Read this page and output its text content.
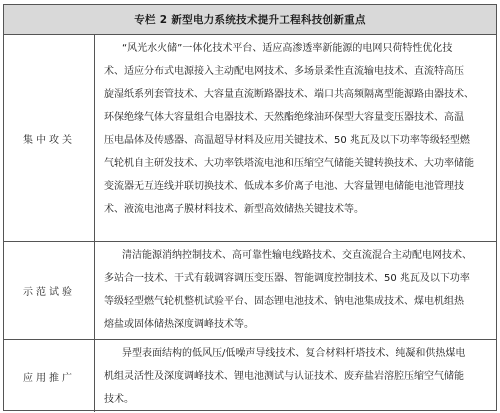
专栏 2 新型电力系统技术提升工程科技创新重点
集中攻关
“风光水火储”一体化技术平台、适应高渗透率新能源的电网只荷特性优化技
术、适应分布式电源接入主动配电网技术、多场景柔性直流输电技术、直流特高压
旋湿纸系列套管技术、大容量直流断路器技术、端口共高频隔离型能源路由器技术、
环保绝缘气体大容量组合电器技术、天然酯绝缘油环保型大容量变压器技术、高温
压电晶体及传感器、高温超导材料及应用关键技术、50 兆瓦及以下功率等级轻型燃
气轮机自主研发技术、大功率铁塔流电池和压缩空气储能关键转换技术、大功率储能
变流器无互连线并联切换技术、低成本多价离子电池、大容量锂电储能电池管理技
术、液流电池离子膜材料技术、新型高效储热关键技术等。
示范试验
清洁能源消纳控制技术、高可靠性输电线路技术、交直流混合主动配电网技术、
多站合一技术、干式有载调容调压变压器、智能调度控制技术、50 兆瓦及以下功率
等级轻型燃气轮机整机试验平台、固态锂电池技术、钠电池集成技术、煤电机组热
熔盐或固体储热深度调峰技术等。
应用推广
异型表面结构的低风压/低噪声导线技术、复合材料杆塔技术、纯凝和供热煤电
机组灵活性及深度调峰技术、锂电池测试与认证技术、废弃盐岩溶腔压缩空气储能
技术。
